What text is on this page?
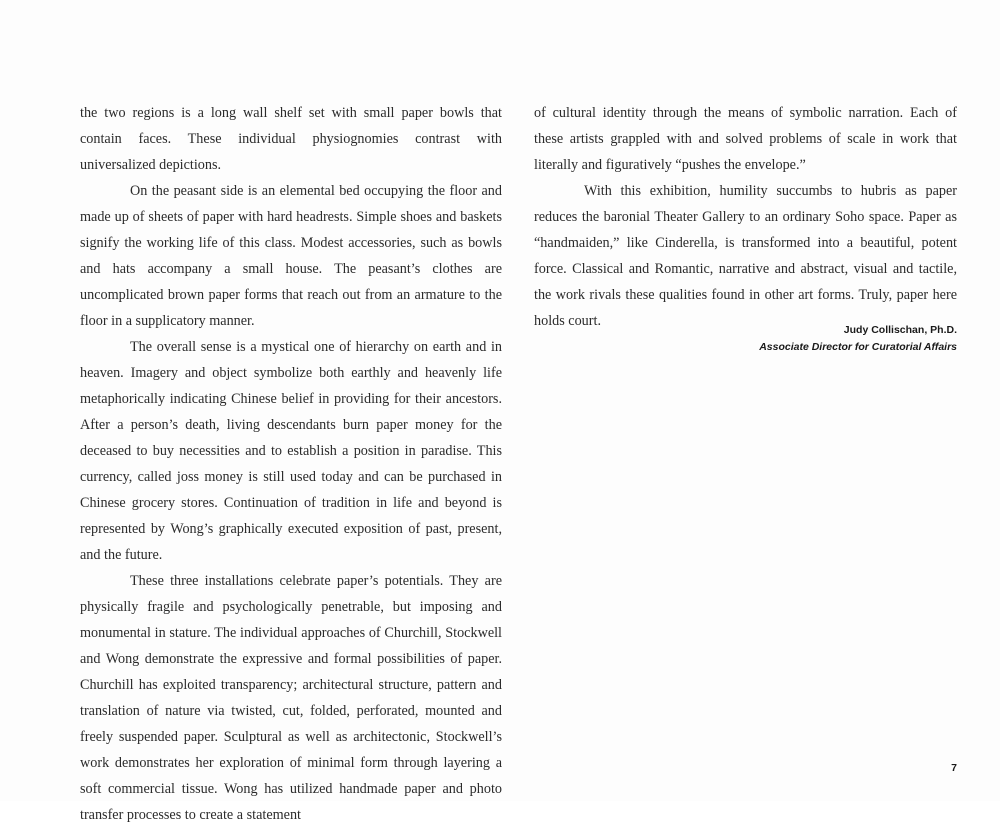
the two regions is a long wall shelf set with small paper bowls that contain faces. These individual physiognomies contrast with universalized depictions.

On the peasant side is an elemental bed occupying the floor and made up of sheets of paper with hard headrests. Simple shoes and baskets signify the working life of this class. Modest accessories, such as bowls and hats accompany a small house. The peasant’s clothes are uncomplicated brown paper forms that reach out from an armature to the floor in a supplicatory manner.

The overall sense is a mystical one of hierarchy on earth and in heaven. Imagery and object symbolize both earthly and heavenly life metaphorically indicating Chinese belief in providing for their ancestors. After a person’s death, living descendants burn paper money for the deceased to buy necessities and to establish a position in paradise. This currency, called joss money is still used today and can be purchased in Chinese grocery stores. Continuation of tradition in life and beyond is represented by Wong’s graphically executed exposition of past, present, and the future.

These three installations celebrate paper’s potentials. They are physically fragile and psychologically penetrable, but imposing and monumental in stature. The individual approaches of Churchill, Stockwell and Wong demonstrate the expressive and formal possibilities of paper. Churchill has exploited transparency; architectural structure, pattern and translation of nature via twisted, cut, folded, perforated, mounted and freely suspended paper. Sculptural as well as architectonic, Stockwell’s work demonstrates her exploration of minimal form through layering a soft commercial tissue. Wong has utilized handmade paper and photo transfer processes to create a statement

of cultural identity through the means of symbolic narration. Each of these artists grappled with and solved problems of scale in work that literally and figuratively “pushes the envelope.”

With this exhibition, humility succumbs to hubris as paper reduces the baronial Theater Gallery to an ordinary Soho space. Paper as “handmaiden,” like Cinderella, is transformed into a beautiful, potent force. Classical and Romantic, narrative and abstract, visual and tactile, the work rivals these qualities found in other art forms. Truly, paper here holds court.

Judy Collischan, Ph.D.
Associate Director for Curatorial Affairs
7
